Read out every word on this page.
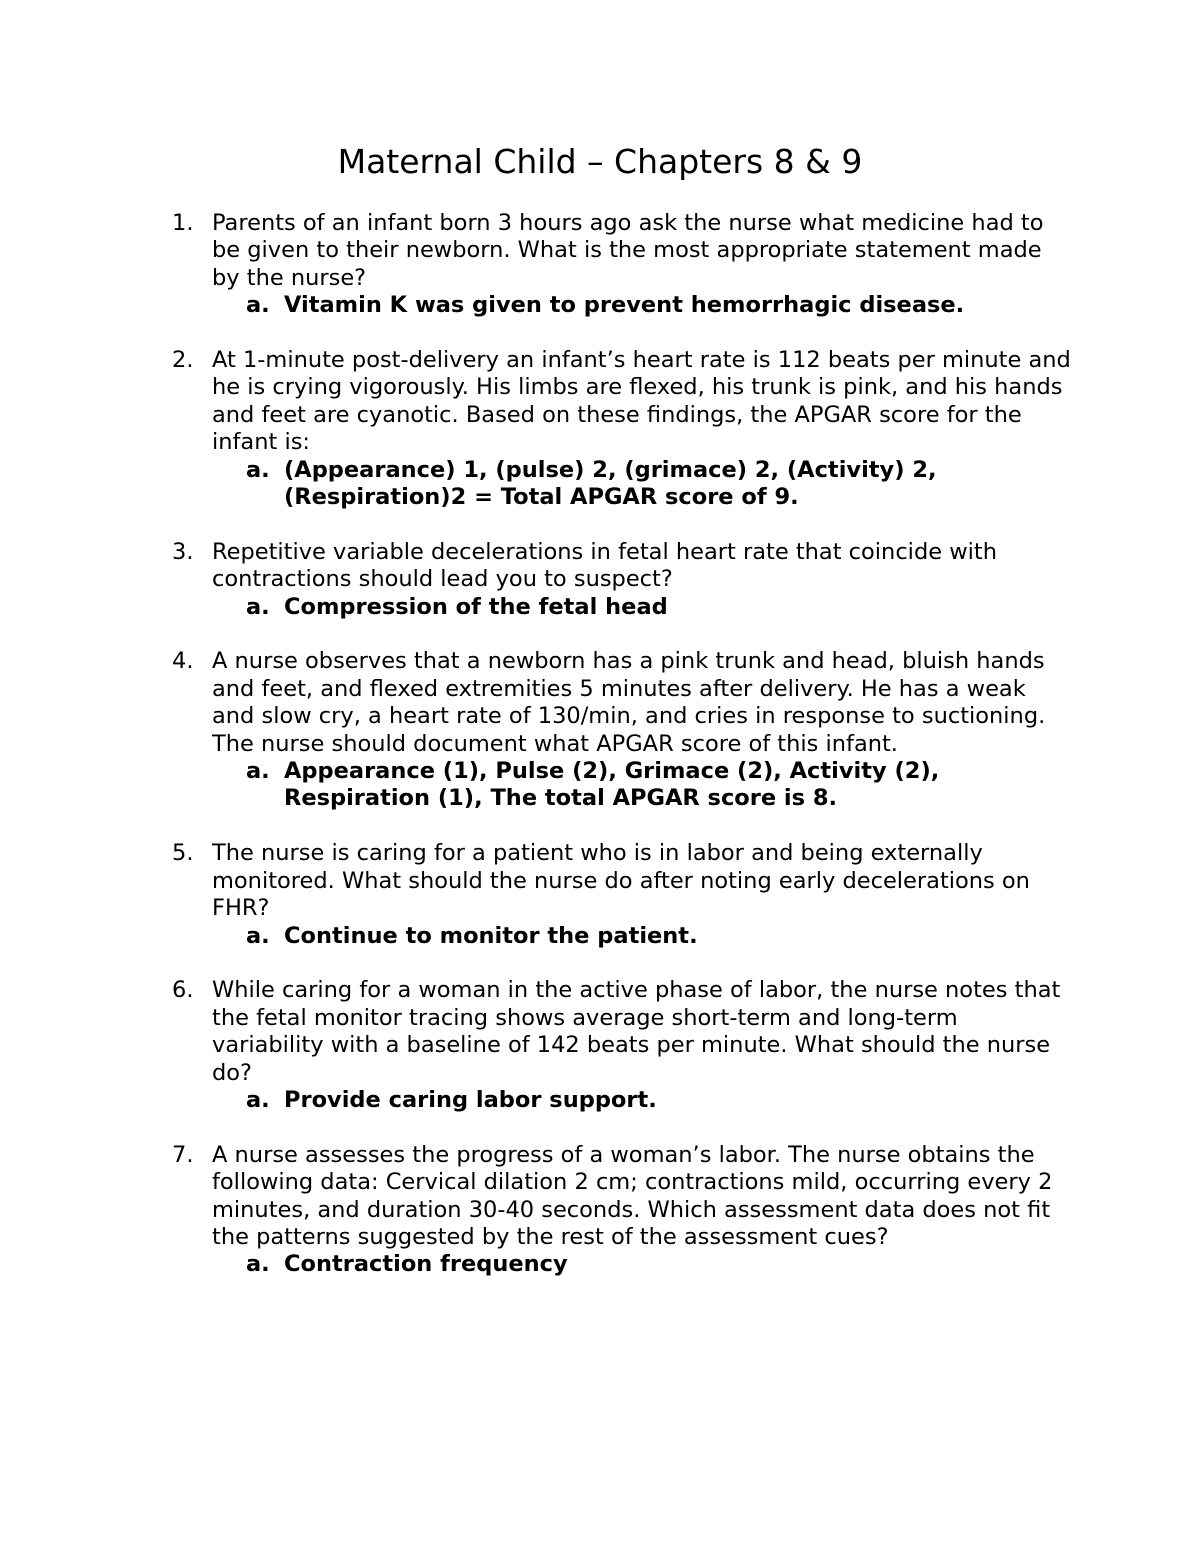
Maternal Child – Chapters 8 & 9
1. Parents of an infant born 3 hours ago ask the nurse what medicine had to be given to their newborn. What is the most appropriate statement made by the nurse?
a. Vitamin K was given to prevent hemorrhagic disease.
2. At 1-minute post-delivery an infant’s heart rate is 112 beats per minute and he is crying vigorously. His limbs are flexed, his trunk is pink, and his hands and feet are cyanotic. Based on these findings, the APGAR score for the infant is:
a. (Appearance) 1, (pulse) 2, (grimace) 2, (Activity) 2, (Respiration)2 = Total APGAR score of 9.
3. Repetitive variable decelerations in fetal heart rate that coincide with contractions should lead you to suspect?
a. Compression of the fetal head
4. A nurse observes that a newborn has a pink trunk and head, bluish hands and feet, and flexed extremities 5 minutes after delivery. He has a weak and slow cry, a heart rate of 130/min, and cries in response to suctioning. The nurse should document what APGAR score of this infant.
a. Appearance (1), Pulse (2), Grimace (2), Activity (2), Respiration (1), The total APGAR score is 8.
5. The nurse is caring for a patient who is in labor and being externally monitored. What should the nurse do after noting early decelerations on FHR?
a. Continue to monitor the patient.
6. While caring for a woman in the active phase of labor, the nurse notes that the fetal monitor tracing shows average short-term and long-term variability with a baseline of 142 beats per minute. What should the nurse do?
a. Provide caring labor support.
7. A nurse assesses the progress of a woman’s labor. The nurse obtains the following data: Cervical dilation 2 cm; contractions mild, occurring every 2 minutes, and duration 30-40 seconds. Which assessment data does not fit the patterns suggested by the rest of the assessment cues?
a. Contraction frequency
